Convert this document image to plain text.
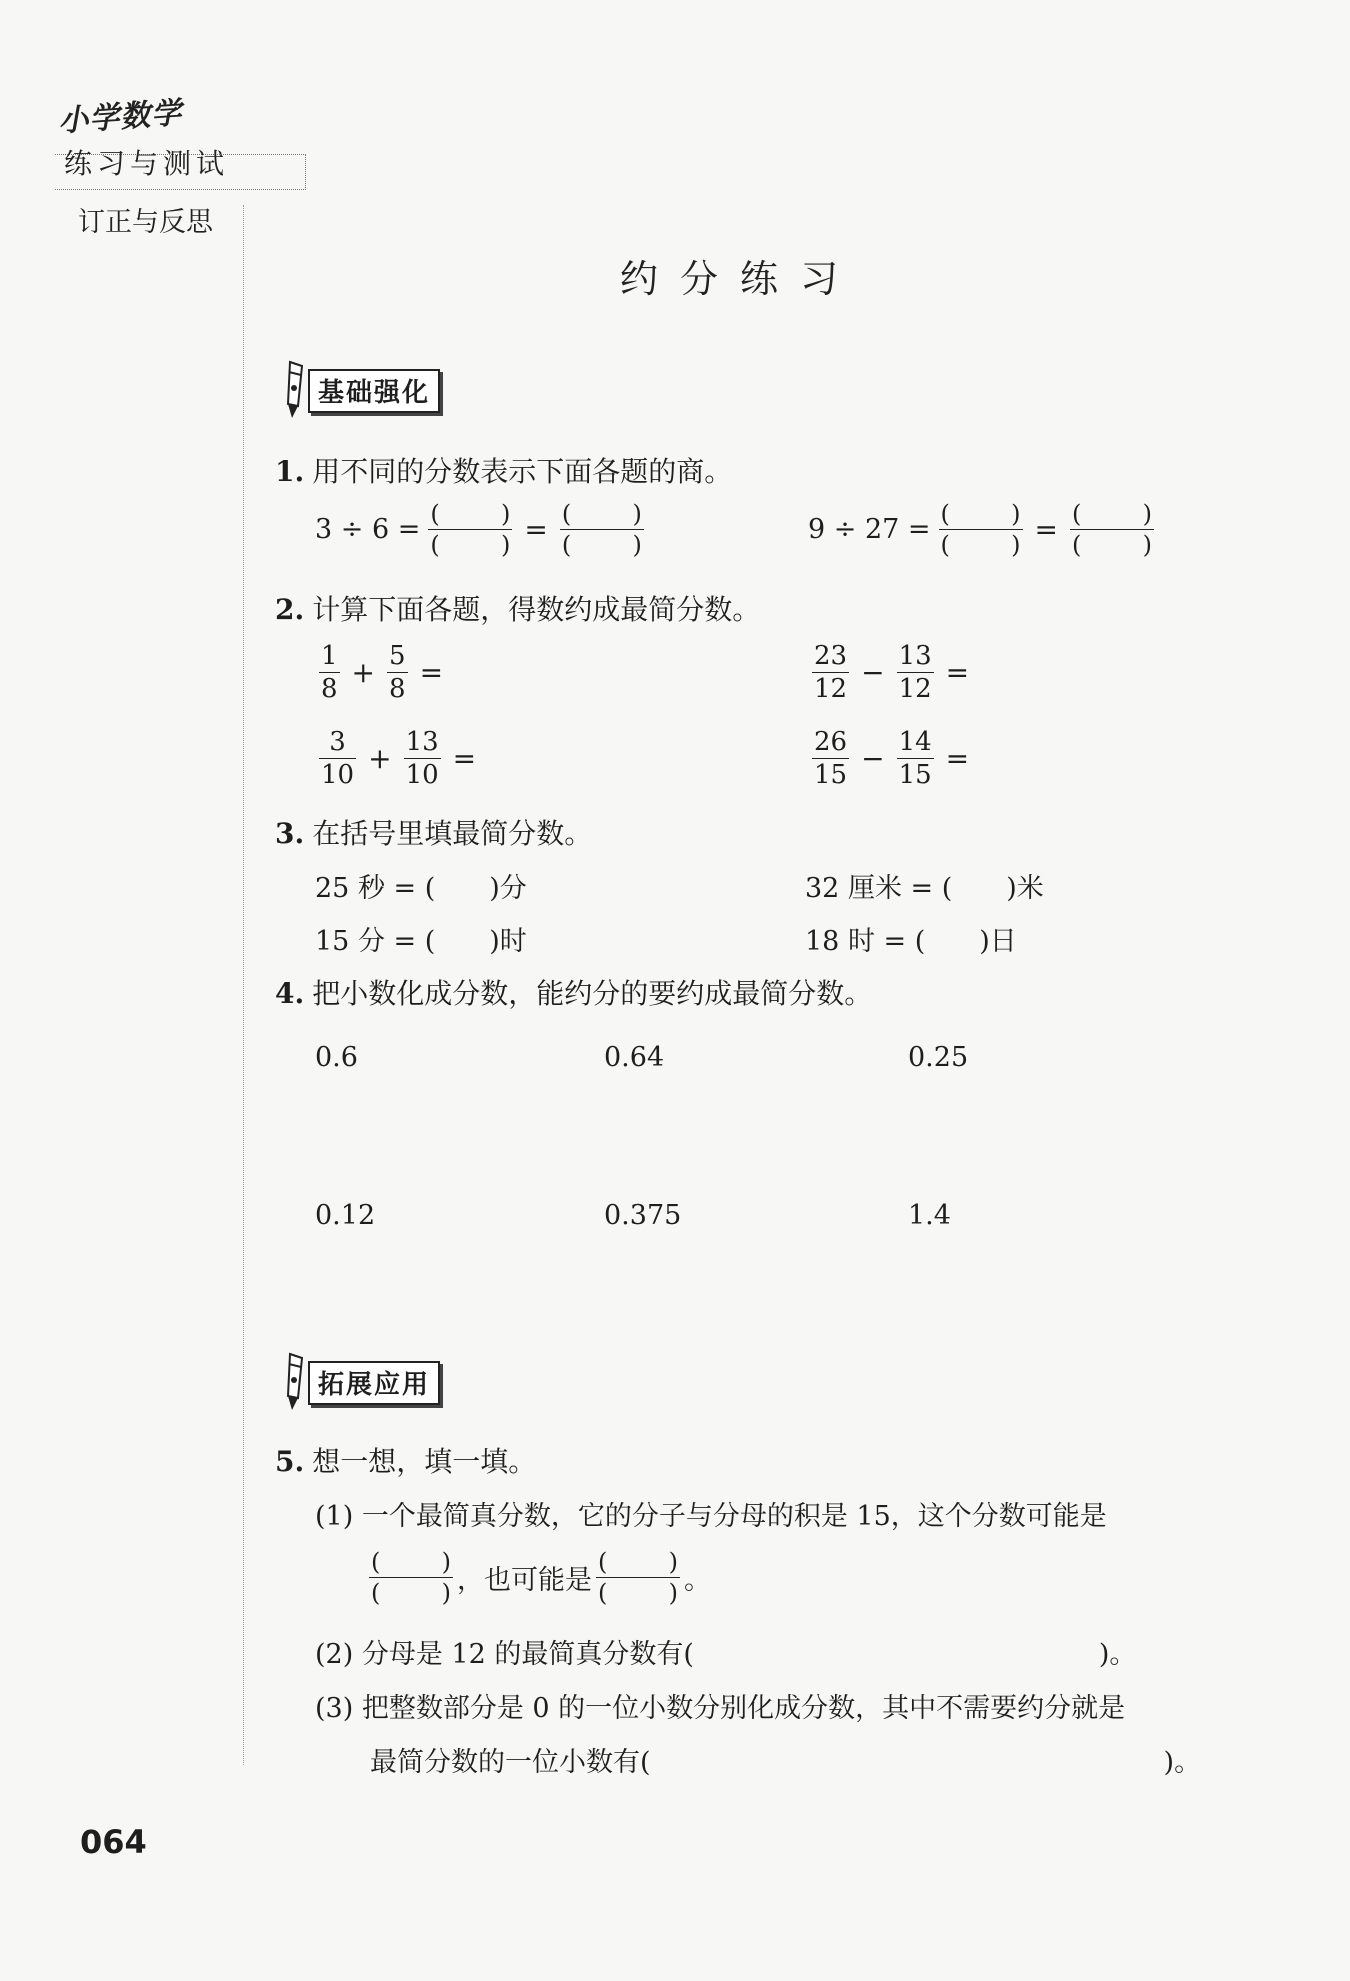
小学数学
练习与测试
订正与反思
约分练习
基础强化
1. 用不同的分数表示下面各题的商。
3 ÷ 6 = (	)
(	) = (	)
(	)	9 ÷ 27 = (	)
(	) = (	)
(	)
2. 计算下面各题，得数约成最简分数。
$\frac{1}{8} + \frac{5}{8}$ =	$\frac{23}{12} - \frac{13}{12}$ =
$\frac{3}{10} + \frac{13}{10}$ =	$\frac{26}{15} - \frac{14}{15}$ =
3. 在括号里填最简分数。
25 秒 = (　　)分	32 厘米 = (　　)米
15 分 = (　　)时	18 时 = (　　)日
4. 把小数化成分数，能约分的要约成最简分数。
0.6	0.64	0.25
0.12	0.375	1.4
拓展应用
5. 想一想，填一填。
(1) 一个最简真分数，它的分子与分母的积是 15，这个分数可能是
(	)
(	) ，也可能是 (	)
(	) 。
(2) 分母是 12 的最简真分数有(　　　　　　　　　　　　　　　)。
(3) 把整数部分是 0 的一位小数分别化成分数，其中不需要约分就是
最简分数的一位小数有(　　　　　　　　　　　　　　　　　　　)。
064
